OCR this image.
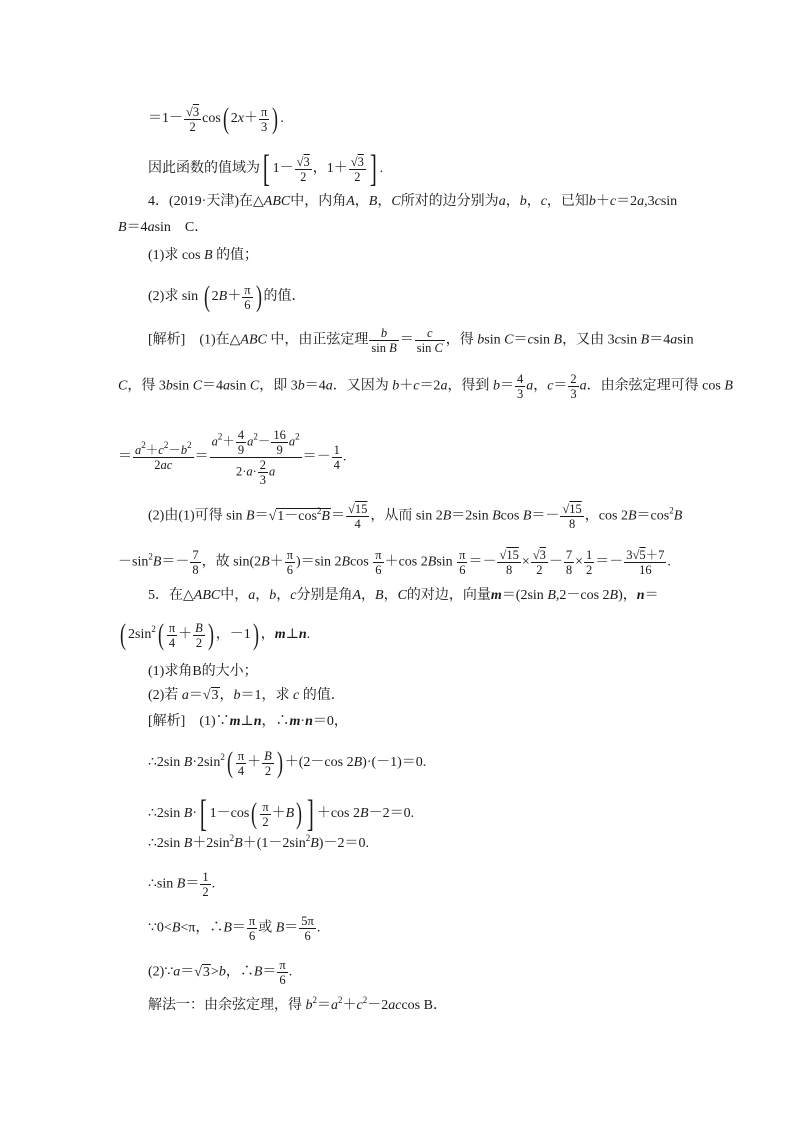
$=1- \frac{√3}{2} \cos$( $2x+ \frac{\pi}{3}$ ) .
因此函数的值域为[ $1- \frac{√3}{2}$ ，$1+ \frac{√3}{2}$ ] .
4．(2019·天津)在△ABC中，内角A，B，C所对的边分别为a，b，c，已知b＋c＝2a,3csin
B＝4asin　C．
(1)求 cos B 的值；
(2)求 sin ( $2B+ \frac{\pi}{6}$ ) 的值．
[解析]　(1)在△ABC 中，由正弦定理 $\frac{b}{\text{sin B}} = \frac{c}{\text{sin C}}$ ，得 bsin C＝csin B，又由 3csin B＝4asin
C，得 3bsin C＝4asin C，即 3b＝4a．又因为 b＋c＝2a，得到 $b= \frac{4}{3}$ a，$c= \frac{2}{3}$ a．由余弦定理可得 cos B
＝ $\frac{a^2+c^2-b^2}{2ac} = \frac{a^2+ \frac{4}{9} a^2- \frac{16}{9} a^2}{2\cdot a\cdot \frac{2}{3} a} =- \frac{1}{4}$ .
(2)由(1)可得 $\sin B=√1-\cos^2B= \frac{√15}{4}$ ，从而 sin 2B＝2sin Bcos $B=- \frac{√15}{8}$ ，$\cos 2B=\cos^2B$
$-\sin^2B=- \frac{7}{8}$ ，故 $\sin(2B+ \frac{\pi}{6} )=\sin$ $2Bcos \frac{\pi}{6} +\cos$ $2Bsin \frac{\pi}{6} =- \frac{√15}{8} \times \frac{√3}{2} - \frac{7}{8} \times \frac{1}{2} =- \frac{3√5+7}{16}$ .
5．在△ABC中，a，b，c分别是角A，B，C的对边，向量m＝(2sin B,2－cos 2B)，n＝
( $2\sin^2( \frac{\pi}{4} + \frac{B}{2}$ ) ，－1) ，m⊥n.
(1)求角B的大小；
(2)若 a＝√3，b＝1，求 c 的值．
[解析]　(1)∵m⊥n，∴m·n＝0，
∴2sin $B\cdot 2\sin^2( \frac{\pi}{4} + \frac{B}{2}$ ) ＋(2－cos 2B)·(－1)＝0.
∴2sin B·[ $1-\cos( \frac{\pi}{2} +B)$ ] ＋cos 2B－2＝0.
∴2sin $B+2\sin^2B+(1-2\sin^2B)-2=0$.
∴sin $B= \frac{1}{2}$ .
∵0<B<π，∴B＝ $\frac{\pi}{6}$ 或 $B= \frac{5\pi}{6}$ .
(2)∵a＝√3>b，∴B＝ $\frac{\pi}{6}$ .
解法一：由余弦定理，得 $b^2=a^2+c^2-2accos$ B．
